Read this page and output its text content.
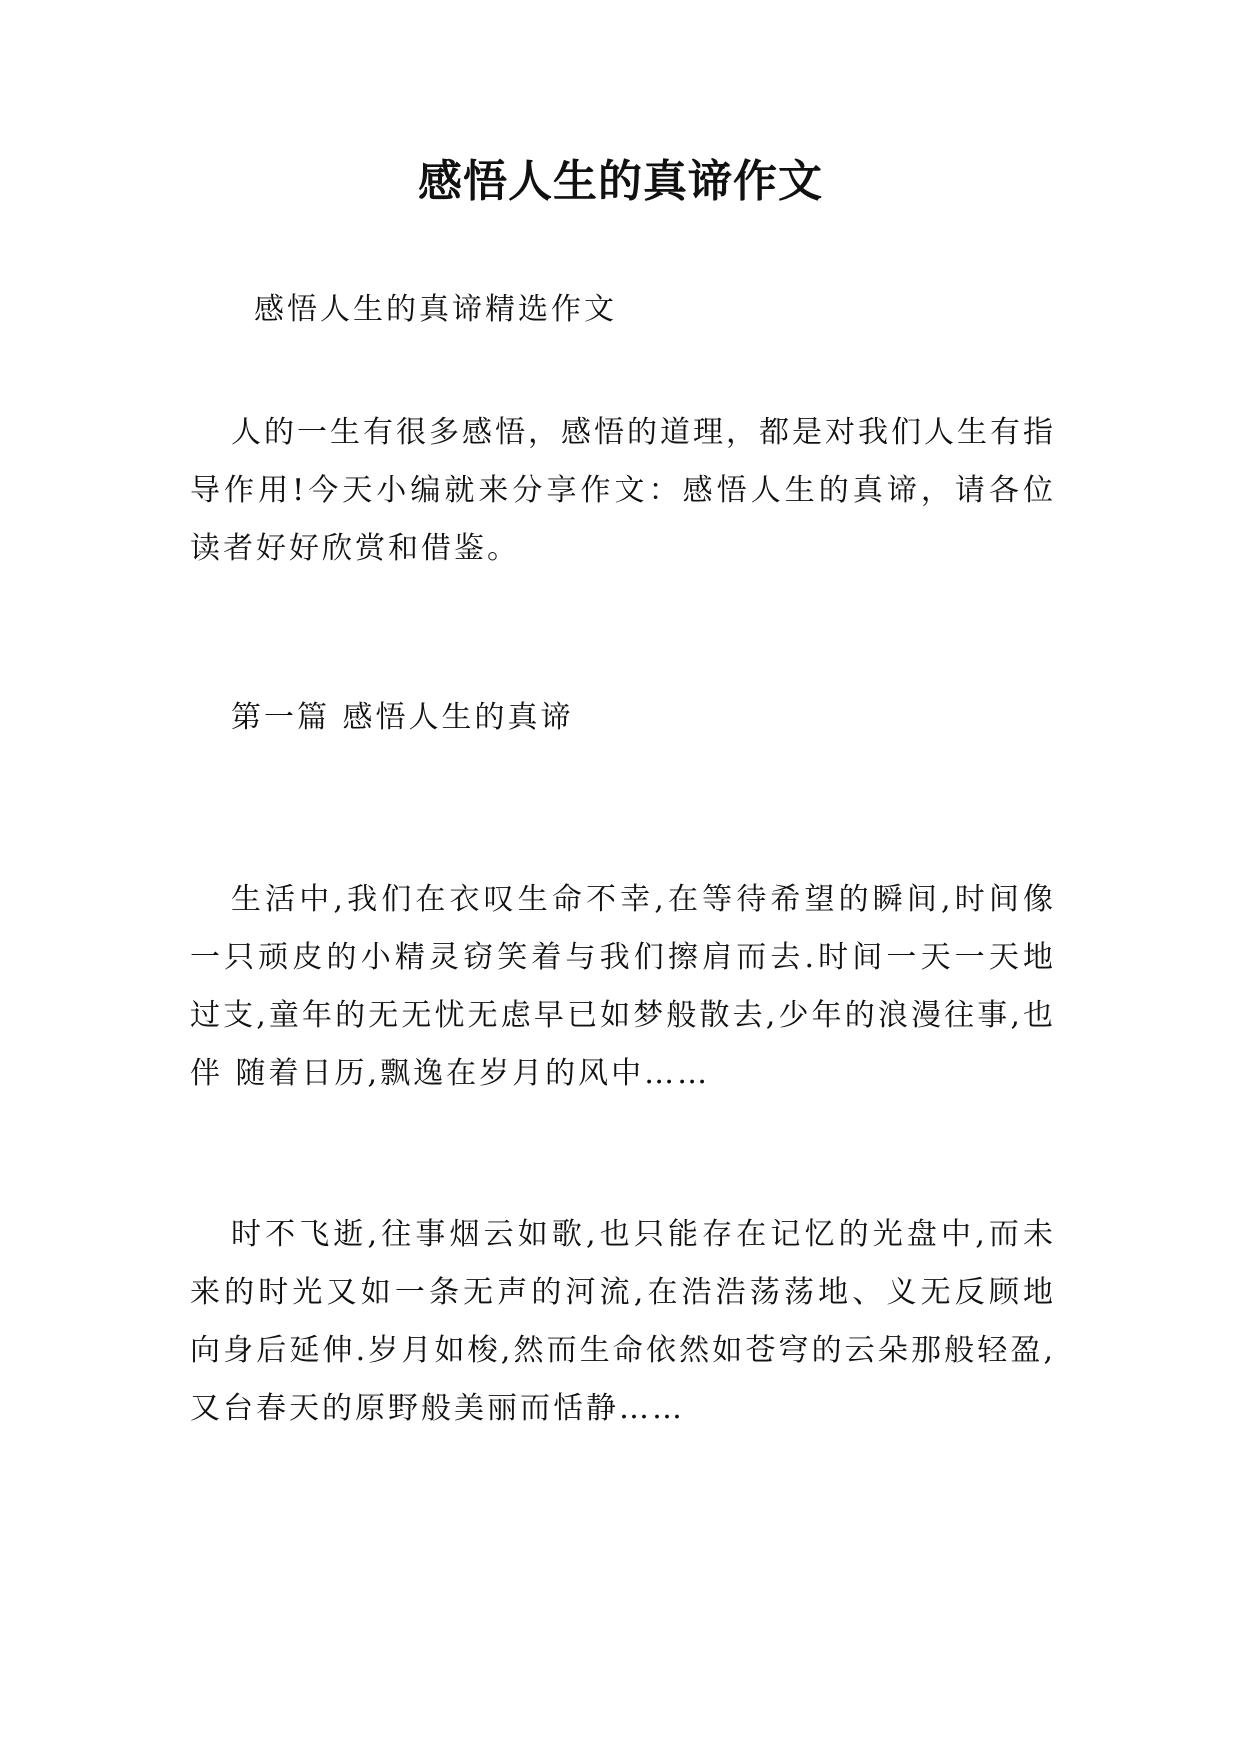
感悟人生的真谛作文
感悟人生的真谛精选作文
人的一生有很多感悟，感悟的道理，都是对我们人生有指导作用!今天小编就来分享作文：感悟人生的真谛，请各位读者好好欣赏和借鉴。
第一篇 感悟人生的真谛
生活中,我们在衣叹生命不幸,在等待希望的瞬间,时间像一只顽皮的小精灵窃笑着与我们擦肩而去.时间一天一天地过支,童年的无无忧无虑早已如梦般散去,少年的浪漫往事,也伴 随着日历,飘逸在岁月的风中……
时不飞逝,往事烟云如歌,也只能存在记忆的光盘中,而未来的时光又如一条无声的河流,在浩浩荡荡地、义无反顾地向身后延伸.岁月如梭,然而生命依然如苍穹的云朵那般轻盈,又台春天的原野般美丽而恬静……
